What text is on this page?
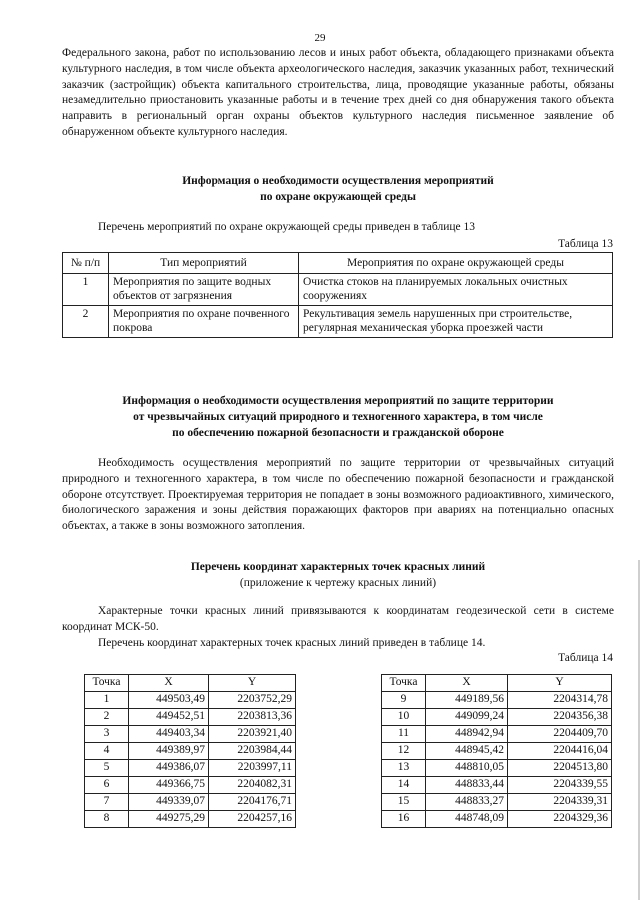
29

Федерального закона, работ по использованию лесов и иных работ объекта, обладающего признаками объекта культурного наследия, в том числе объекта археологического наследия, заказчик указанных работ, технический заказчик (застройщик) объекта капитального строительства, лица, проводящие указанные работы, обязаны незамедлительно приостановить указанные работы и в течение трех дней со дня обнаружения такого объекта направить в региональный орган охраны объектов культурного наследия письменное заявление об обнаруженном объекте культурного наследия.

Информация о необходимости осуществления мероприятий
по охране окружающей среды

Перечень мероприятий по охране окружающей среды приведен в таблице 13

Таблица 13
№ п/п	Тип мероприятий	Мероприятия по охране окружающей среды
1	Мероприятия по защите водных объектов от загрязнения	Очистка стоков на планируемых локальных очистных сооружениях
2	Мероприятия по охране почвенного покрова	Рекультивация земель нарушенных при строительстве, регулярная механическая уборка проезжей части
Информация о необходимости осуществления мероприятий по защите территории
от чрезвычайных ситуаций природного и техногенного характера, в том числе
по обеспечению пожарной безопасности и гражданской обороне

Необходимость осуществления мероприятий по защите территории от чрезвычайных ситуаций природного и техногенного характера, в том числе по обеспечению пожарной безопасности и гражданской обороне отсутствует. Проектируемая территория не попадает в зоны возможного радиоактивного, химического, биологического заражения и зоны действия поражающих факторов при авариях на потенциально опасных объектах, а также в зоны возможного затопления.

Перечень координат характерных точек красных линий
(приложение к чертежу красных линий)

Характерные точки красных линий привязываются к координатам геодезической сети в системе координат МСК-50.

Перечень координат характерных точек красных линий приведен в таблице 14.

Таблица 14
Точка	X	Y
1	449503,49	2203752,29
2	449452,51	2203813,36
3	449403,34	2203921,40
4	449389,97	2203984,44
5	449386,07	2203997,11
6	449366,75	2204082,31
7	449339,07	2204176,71
8	449275,29	2204257,16
Точка	X	Y
9	449189,56	2204314,78
10	449099,24	2204356,38
11	448942,94	2204409,70
12	448945,42	2204416,04
13	448810,05	2204513,80
14	448833,44	2204339,55
15	448833,27	2204339,31
16	448748,09	2204329,36
